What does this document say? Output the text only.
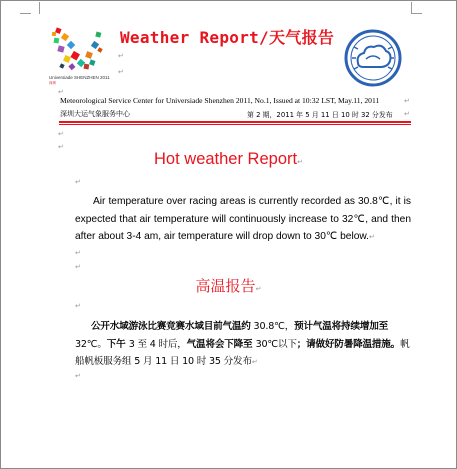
Universiade SHENZHEN 2011
深圳
Weather Report/天气报告
↵
↵
↵
Meteorological Service Center for Universiade Shenzhen 2011, No.1, Issued at 10:32 LST, May.11, 2011	↵
深圳大运气象服务中心	第 2 期，2011 年 5 月 11 日 10 时 32 分发布 ↵
↵
↵
Hot weather Report↵
↵
Air temperature over racing areas is currently recorded as 30.8℃, it is expected that air temperature will continuously increase to 32℃, and then after about 3-4 am, air temperature will drop down to 30℃ below.↵
↵
↵
高温报告↵
↵
公开水域游泳比赛竞赛水域目前气温约 30.8℃，预计气温将持续增加至 32℃。下午 3 至 4 时后，气温将会下降至 30℃以下；请做好防暑降温措施。帆船帆板服务组 5 月 11 日 10 时 35 分发布↵
↵
